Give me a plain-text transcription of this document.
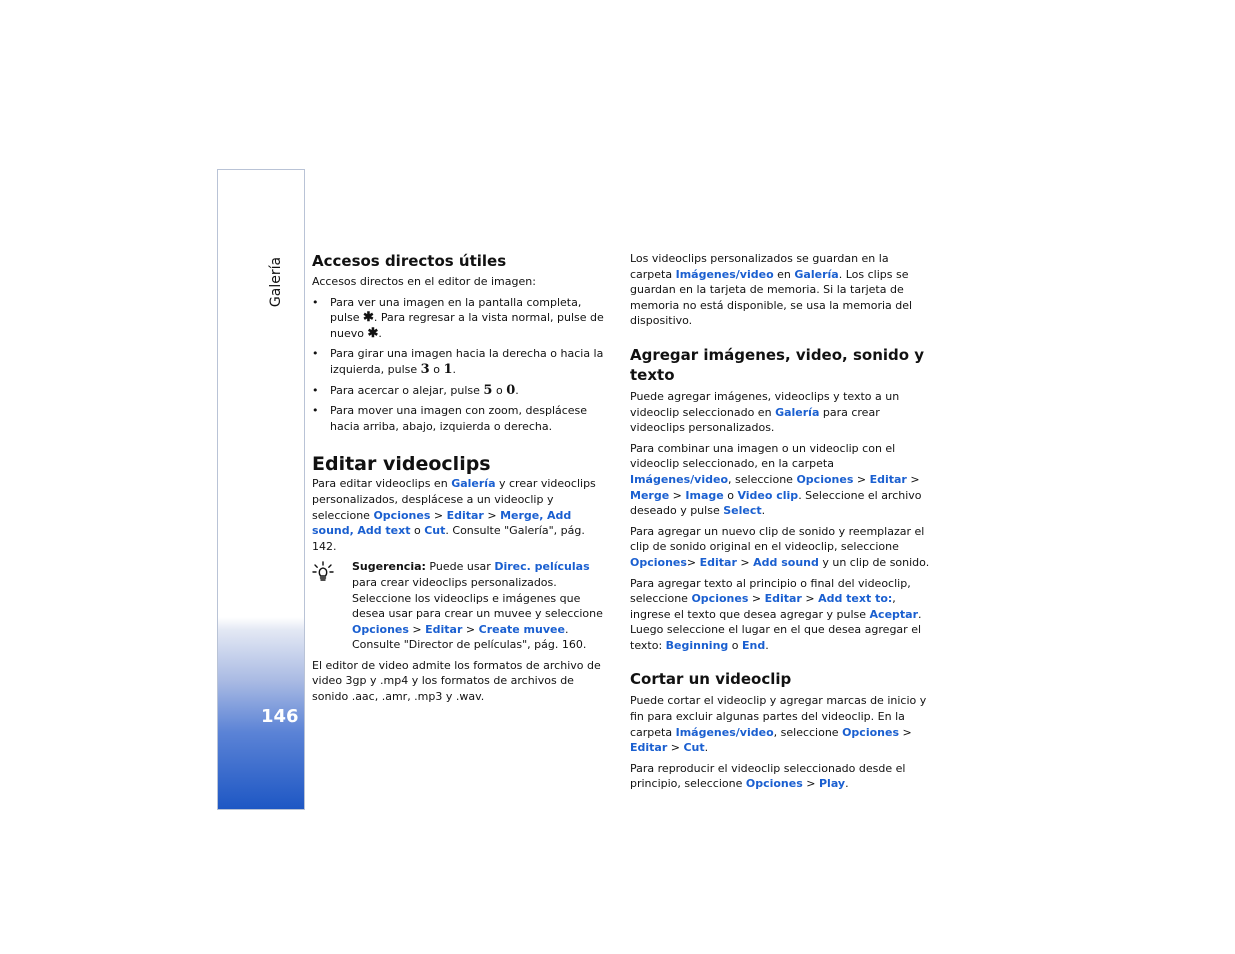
Galería
146
Accesos directos útiles

Accesos directos en el editor de imagen:

• Para ver una imagen en la pantalla completa, pulse ✱. Para regresar a la vista normal, pulse de nuevo ✱.
• Para girar una imagen hacia la derecha o hacia la izquierda, pulse 3 o 1.
• Para acercar o alejar, pulse 5 o 0.
• Para mover una imagen con zoom, desplácese hacia arriba, abajo, izquierda o derecha.
Editar videoclips

Para editar videoclips en Galería y crear videoclips personalizados, desplácese a un videoclip y seleccione Opciones > Editar > Merge, Add sound, Add text o Cut. Consulte "Galería", pág. 142.

Sugerencia: Puede usar Direc. películas para crear videoclips personalizados. Seleccione los videoclips e imágenes que desea usar para crear un muvee y seleccione Opciones > Editar > Create muvee. Consulte "Director de películas", pág. 160.

El editor de video admite los formatos de archivo de video 3gp y .mp4 y los formatos de archivos de sonido .aac, .amr, .mp3 y .wav.

Los videoclips personalizados se guardan en la carpeta Imágenes/video en Galería. Los clips se guardan en la tarjeta de memoria. Si la tarjeta de memoria no está disponible, se usa la memoria del dispositivo.

Agregar imágenes, video, sonido y texto

Puede agregar imágenes, videoclips y texto a un videoclip seleccionado en Galería para crear videoclips personalizados.

Para combinar una imagen o un videoclip con el videoclip seleccionado, en la carpeta Imágenes/video, seleccione Opciones > Editar > Merge > Image o Video clip. Seleccione el archivo deseado y pulse Select.

Para agregar un nuevo clip de sonido y reemplazar el clip de sonido original en el videoclip, seleccione Opciones> Editar > Add sound y un clip de sonido.

Para agregar texto al principio o final del videoclip, seleccione Opciones > Editar > Add text to:, ingrese el texto que desea agregar y pulse Aceptar. Luego seleccione el lugar en el que desea agregar el texto: Beginning o End.

Cortar un videoclip

Puede cortar el videoclip y agregar marcas de inicio y fin para excluir algunas partes del videoclip. En la carpeta Imágenes/video, seleccione Opciones > Editar > Cut.

Para reproducir el videoclip seleccionado desde el principio, seleccione Opciones > Play.
